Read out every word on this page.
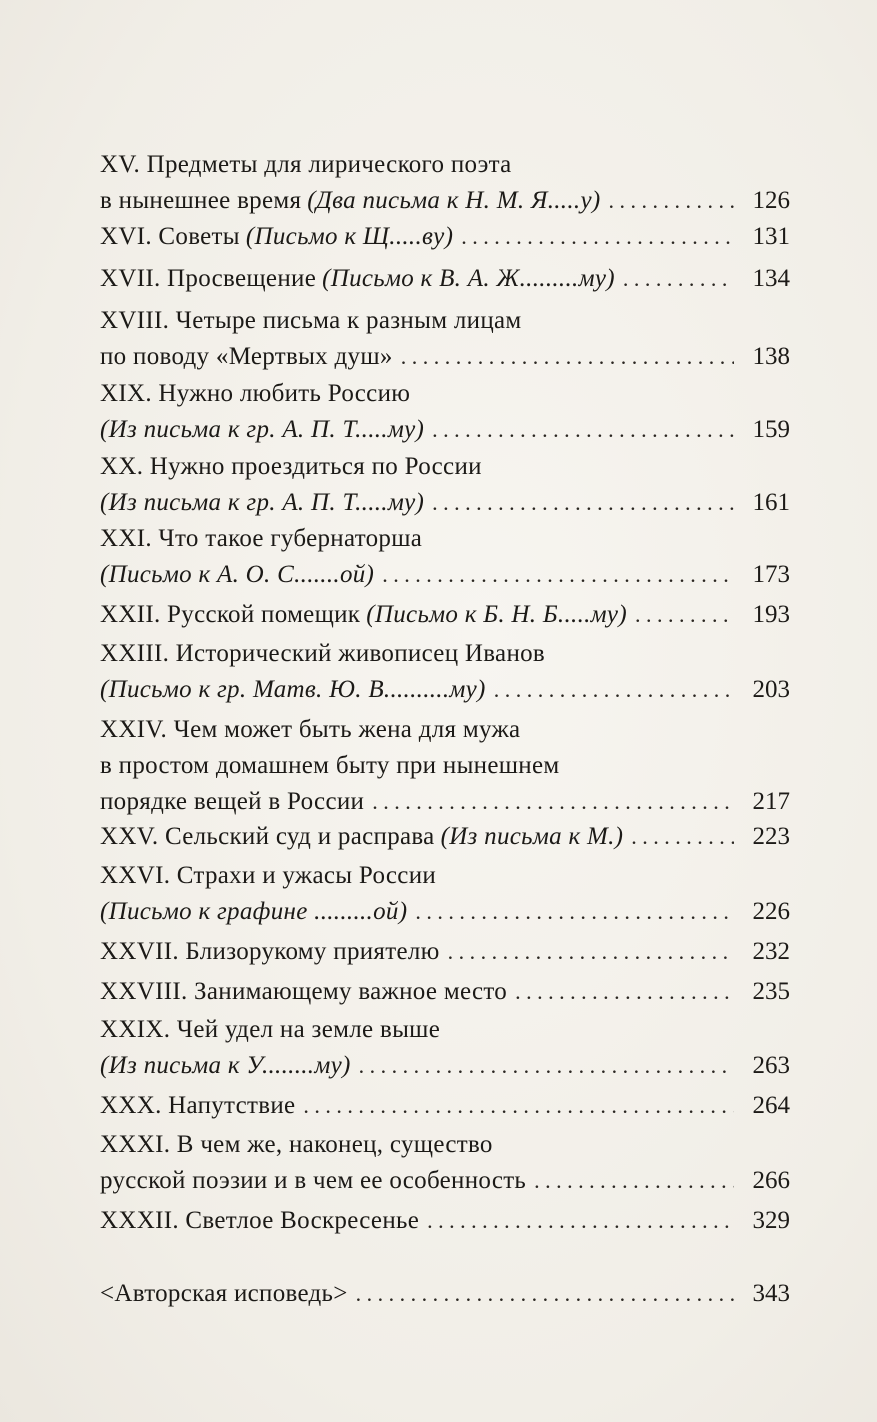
XV. Предметы для лирического поэта
в нынешнее время (Два письма к Н. М. Я.....у) . . .	126
XVI. Советы (Письмо к Щ.....ву) . . .	131
XVII. Просвещение (Письмо к В. А. Ж.........му) . . .	134
XVIII. Четыре письма к разным лицам
по поводу «Мертвых душ» . . .	138
XIX. Нужно любить Россию
(Из письма к гр. А. П. Т.....му) . . .	159
XX. Нужно проездиться по России
(Из письма к гр. А. П. Т.....му) . . .	161
XXI. Что такое губернаторша
(Письмо к А. О. С.......ой) . . .	173
XXII. Русской помещик (Письмо к Б. Н. Б.....му) . . .	193
XXIII. Исторический живописец Иванов
(Письмо к гр. Матв. Ю. В..........му) . . .	203
XXIV. Чем может быть жена для мужа
в простом домашнем быту при нынешнем
порядке вещей в России . . .	217
XXV. Сельский суд и расправа (Из письма к М.) . . .	223
XXVI. Страхи и ужасы России
(Письмо к графине .........ой) . . .	226
XXVII. Близорукому приятелю . . .	232
XXVIII. Занимающему важное место . . .	235
XXIX. Чей удел на земле выше
(Из письма к У........му) . . .	263
XXX. Напутствие . . .	264
XXXI. В чем же, наконец, существо
русской поэзии и в чем ее особенность . . .	266
XXXII. Светлое Воскресенье . . .	329
<Авторская исповедь> . . .	343
